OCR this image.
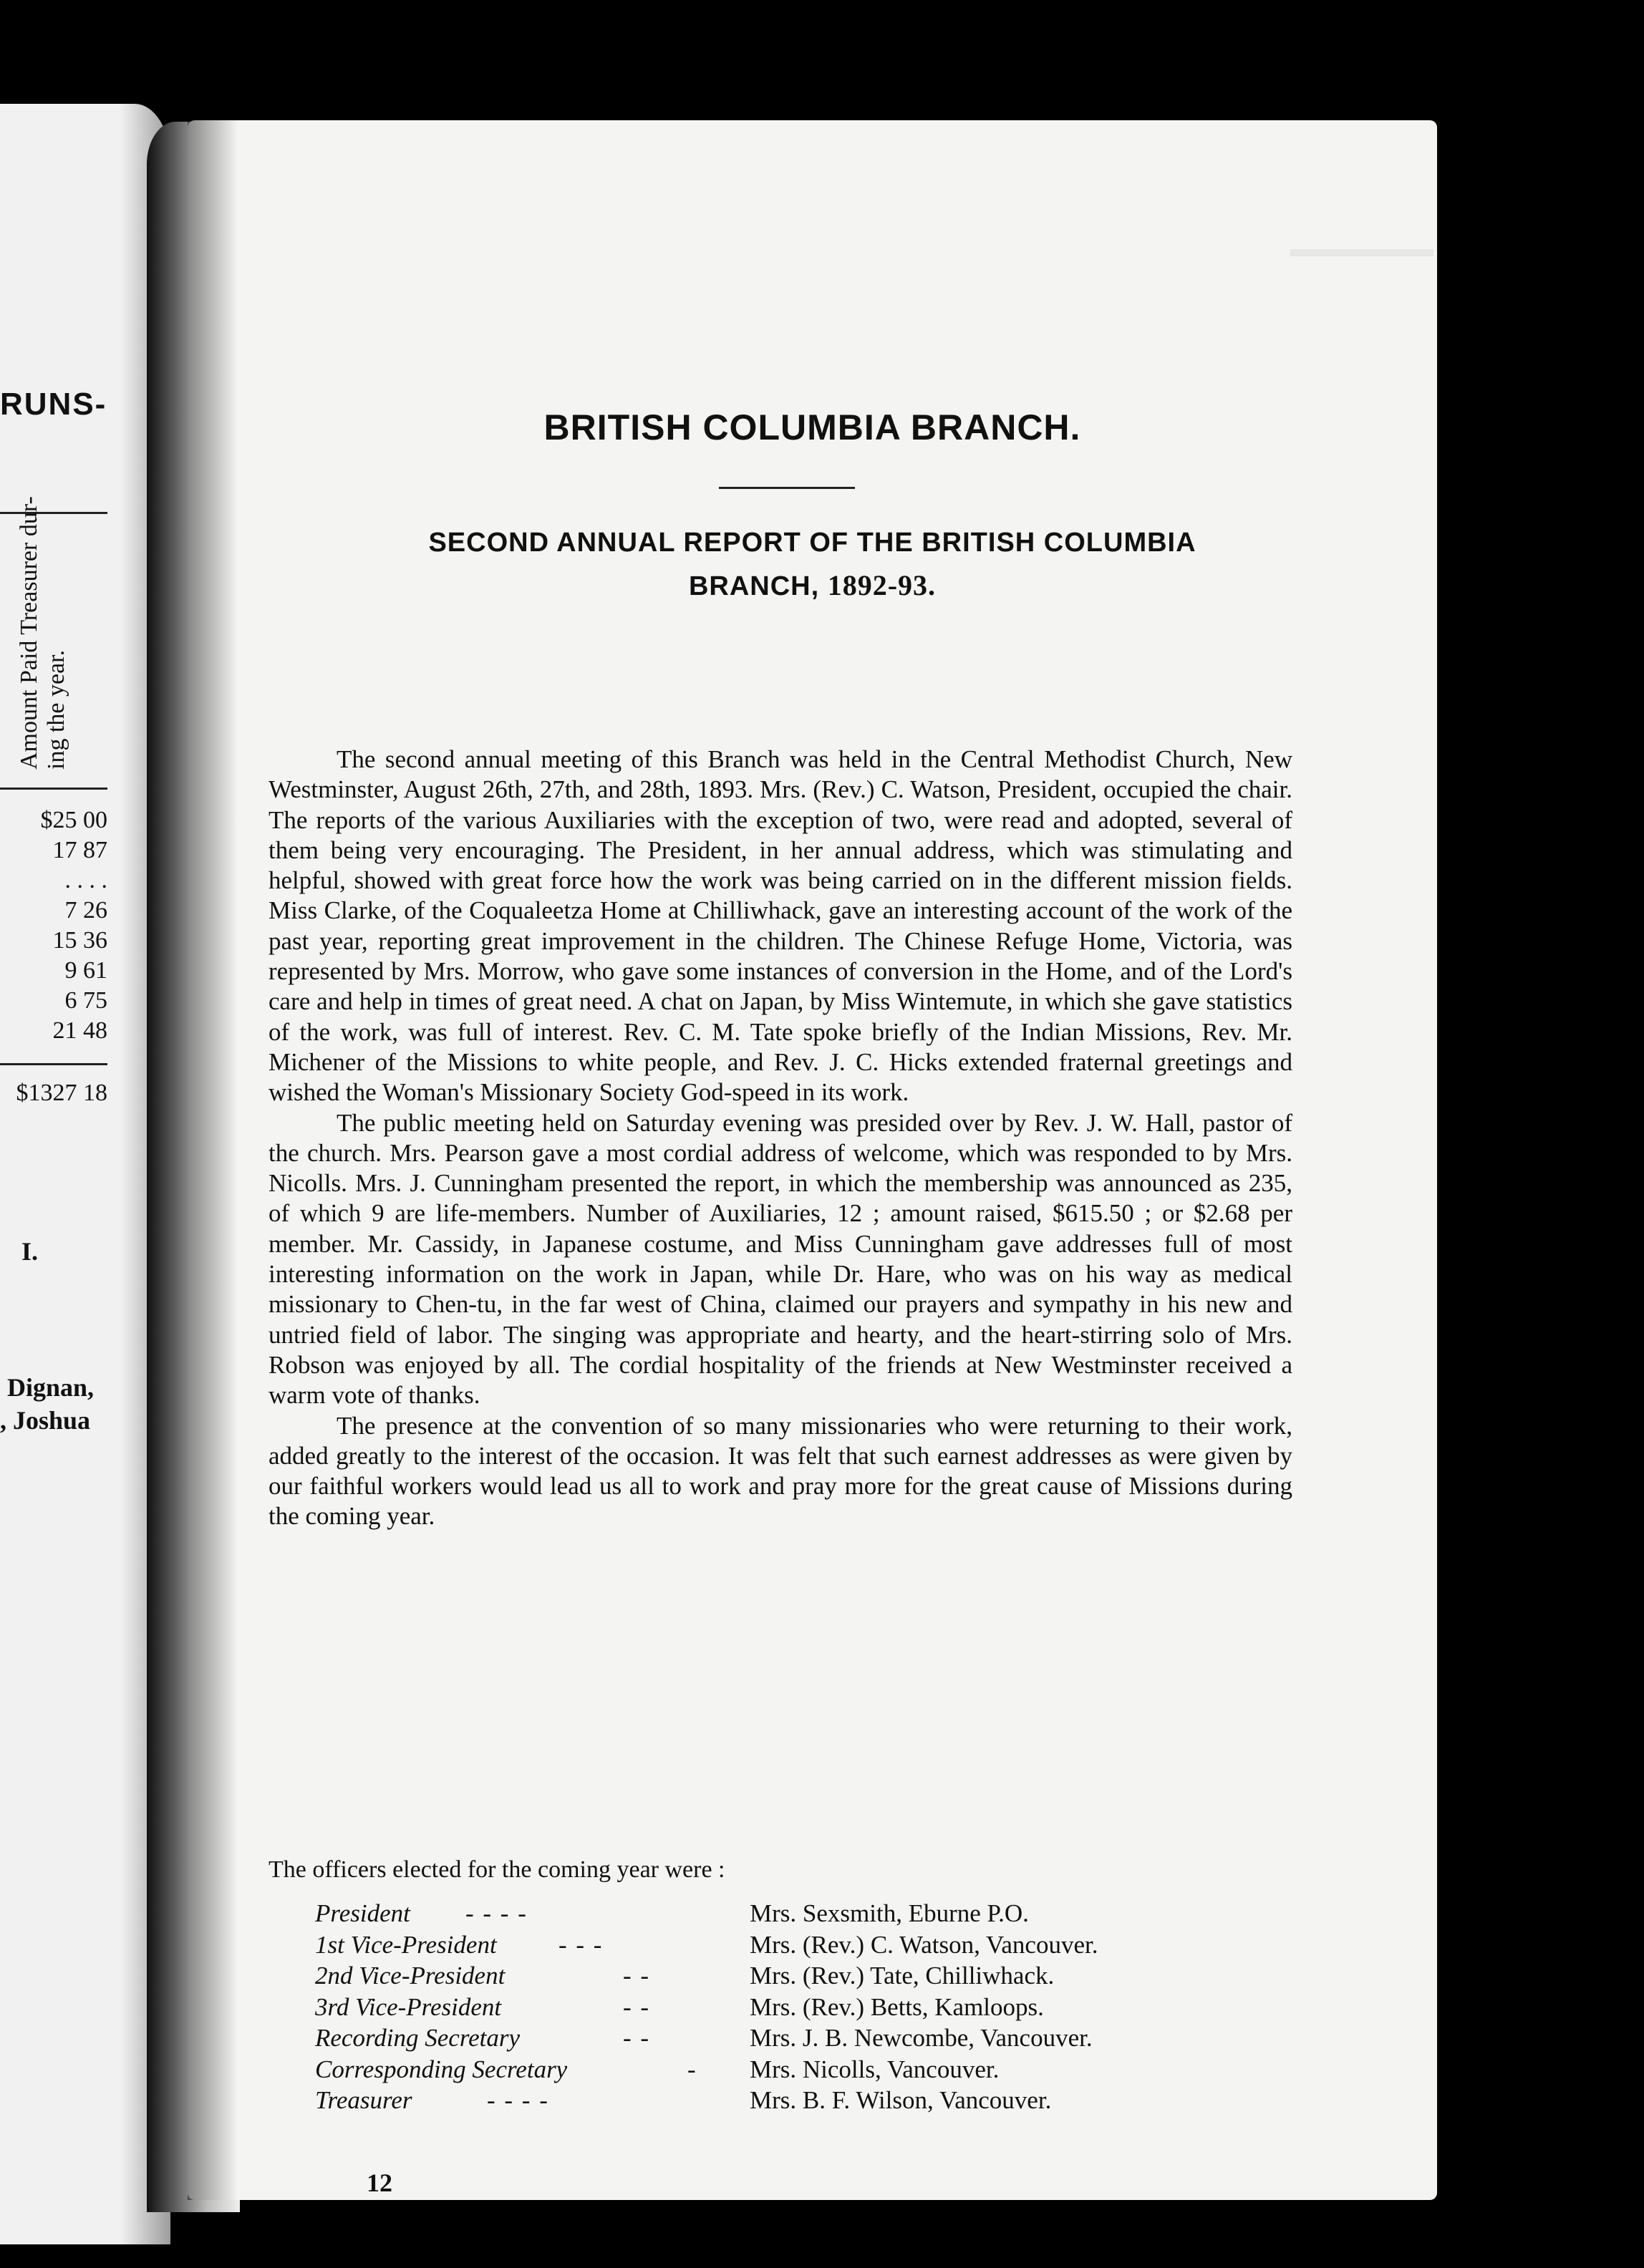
RUNS-
Amount Paid Treasurer dur- ing the year.
$25 00
17 87
. . . .
7 26
15 36
9 61
6 75
21 48
$1327 18
I.
Dignan,
, Joshua
BRITISH COLUMBIA BRANCH.
SECOND ANNUAL REPORT OF THE BRITISH COLUMBIA
BRANCH, 1892-93.

The second annual meeting of this Branch was held in the Central Methodist Church, New Westminster, August 26th, 27th, and 28th, 1893. Mrs. (Rev.) C. Watson, President, occupied the chair. The reports of the various Auxiliaries with the exception of two, were read and adopted, several of them being very encouraging. The President, in her annual address, which was stimulating and helpful, showed with great force how the work was being carried on in the different mission fields. Miss Clarke, of the Coqualeetza Home at Chilliwhack, gave an interesting account of the work of the past year, reporting great improvement in the children. The Chinese Refuge Home, Victoria, was represented by Mrs. Morrow, who gave some instances of conversion in the Home, and of the Lord's care and help in times of great need. A chat on Japan, by Miss Wintemute, in which she gave statistics of the work, was full of interest. Rev. C. M. Tate spoke briefly of the Indian Missions, Rev. Mr. Michener of the Missions to white people, and Rev. J. C. Hicks extended fraternal greetings and wished the Woman's Missionary Society God-speed in its work.

The public meeting held on Saturday evening was presided over by Rev. J. W. Hall, pastor of the church. Mrs. Pearson gave a most cordial address of welcome, which was responded to by Mrs. Nicolls. Mrs. J. Cunningham presented the report, in which the membership was announced as 235, of which 9 are life-members. Number of Auxiliaries, 12 ; amount raised, $615.50 ; or $2.68 per member. Mr. Cassidy, in Japanese costume, and Miss Cunningham gave addresses full of most interesting information on the work in Japan, while Dr. Hare, who was on his way as medical missionary to Chen-tu, in the far west of China, claimed our prayers and sympathy in his new and untried field of labor. The singing was appropriate and hearty, and the heart-stirring solo of Mrs. Robson was enjoyed by all. The cordial hospitality of the friends at New Westminster received a warm vote of thanks.

The presence at the convention of so many missionaries who were returning to their work, added greatly to the interest of the occasion. It was felt that such earnest addresses as were given by our faithful workers would lead us all to work and pray more for the great cause of Missions during the coming year.

The officers elected for the coming year were :
President - - - -	Mrs. Sexsmith, Eburne P.O.
1st Vice-President - - -	Mrs. (Rev.) C. Watson, Vancouver.
2nd Vice-President	- -	Mrs. (Rev.) Tate, Chilliwhack.
3rd Vice-President	- -	Mrs. (Rev.) Betts, Kamloops.
Recording Secretary	- -	Mrs. J. B. Newcombe, Vancouver.
Corresponding Secretary	-	Mrs. Nicolls, Vancouver.
Treasurer	- - - -	Mrs. B. F. Wilson, Vancouver.
12
